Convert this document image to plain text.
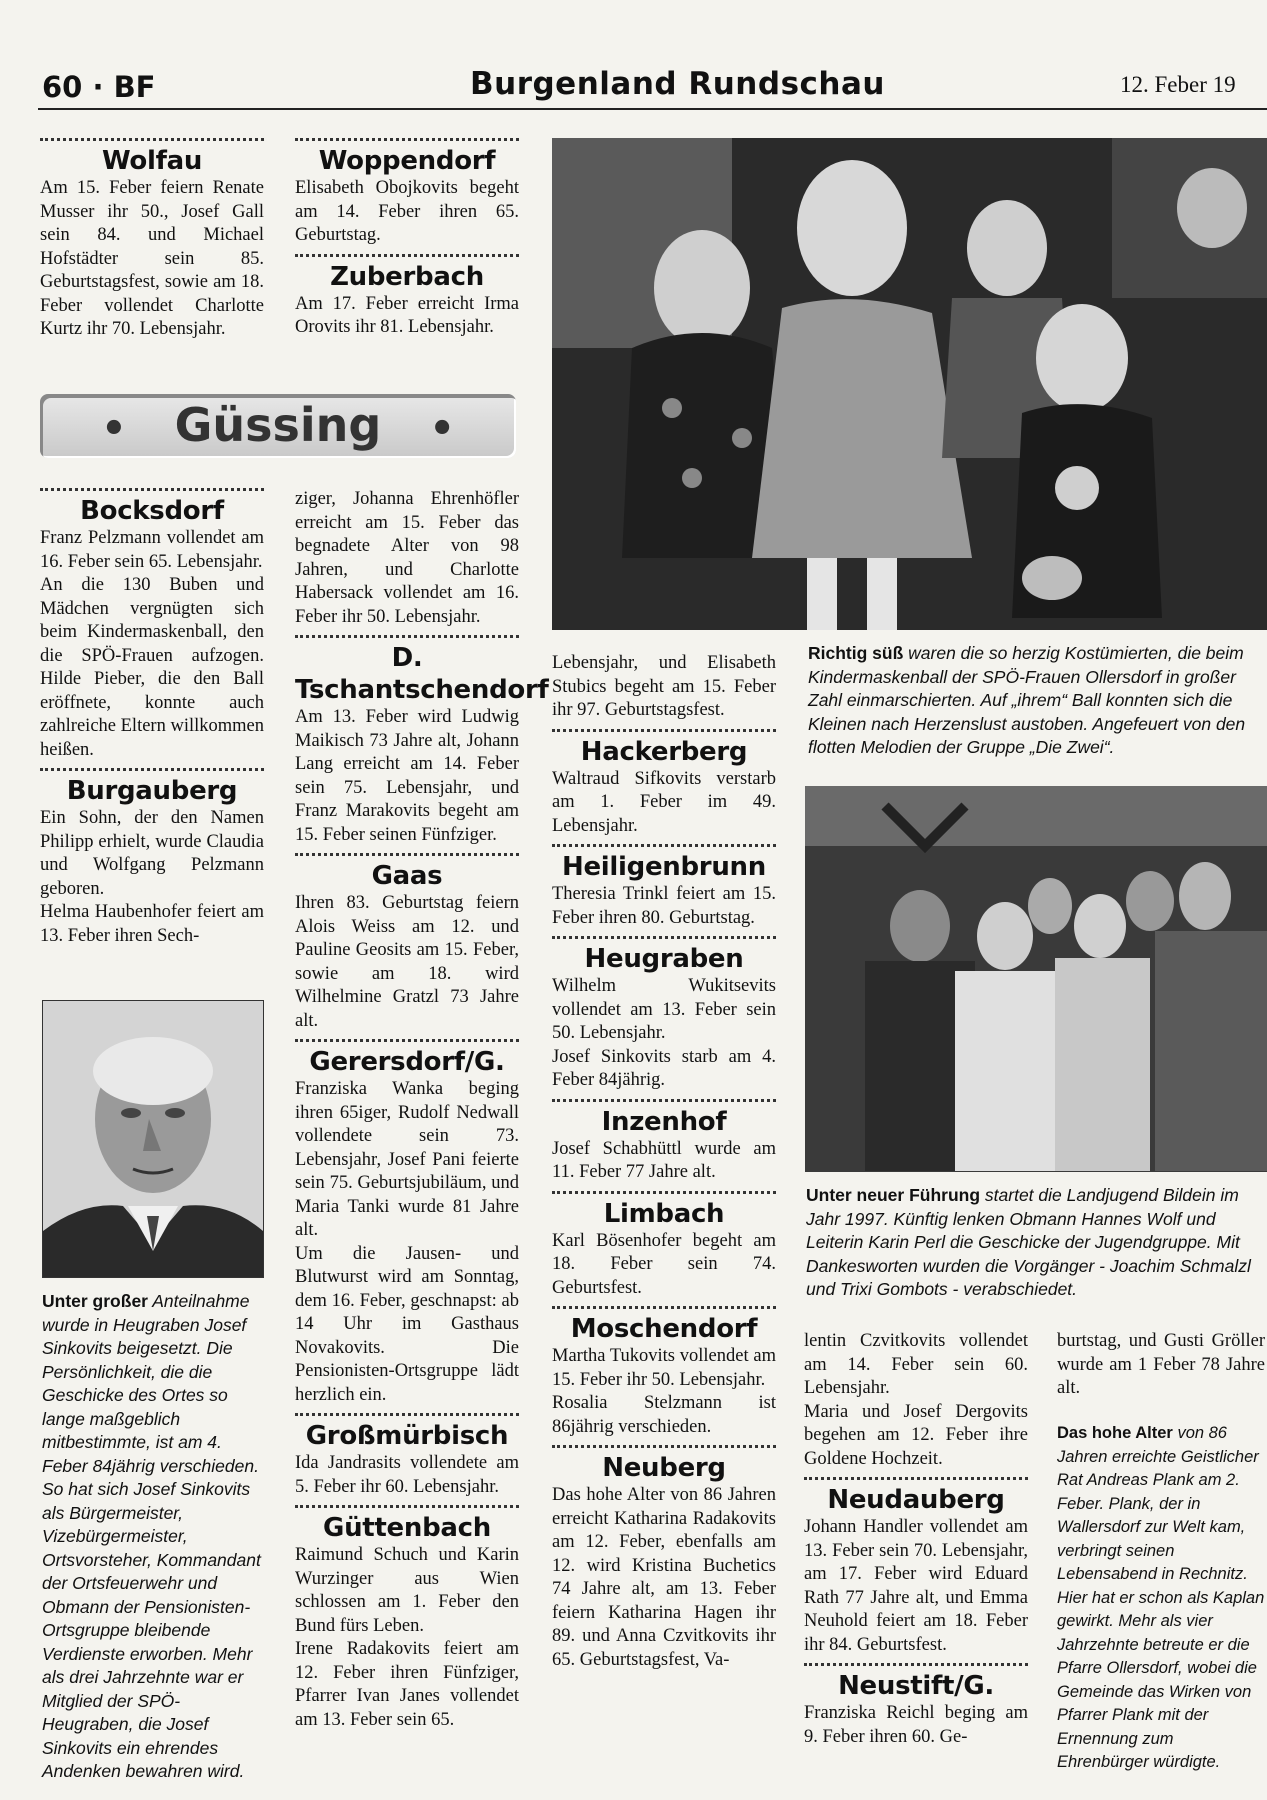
60 · BF	Burgenland Rundschau	12. Feber 19
Wolfau

Am 15. Feber feiern Renate Musser ihr 50., Josef Gall sein 84. und Michael Hofstädter sein 85. Geburtstagsfest, sowie am 18. Feber vollendet Charlotte Kurtz ihr 70. Lebensjahr.

Woppendorf

Elisabeth Obojkovits begeht am 14. Feber ihren 65. Geburtstag.

Zuberbach

Am 17. Feber erreicht Irma Orovits ihr 81. Lebensjahr.

• Güssing •
Bocksdorf

Franz Pelzmann vollendet am 16. Feber sein 65. Lebensjahr.

An die 130 Buben und Mädchen vergnügten sich beim Kindermaskenball, den die SPÖ-Frauen aufzogen. Hilde Pieber, die den Ball eröffnete, konnte auch zahlreiche Eltern willkommen heißen.

Burgauberg

Ein Sohn, der den Namen Philipp erhielt, wurde Claudia und Wolfgang Pelzmann geboren.

Helma Haubenhofer feiert am 13. Feber ihren Sech-

Unter großer Anteilnahme wurde in Heugraben Josef Sinkovits beigesetzt. Die Persönlichkeit, die die Geschicke des Ortes so lange maßgeblich mitbestimmte, ist am 4. Feber 84jährig verschieden. So hat sich Josef Sinkovits als Bürgermeister, Vizebürgermeister, Ortsvorsteher, Kommandant der Ortsfeuerwehr und Obmann der Pensionisten-Ortsgruppe bleibende Verdienste erworben. Mehr als drei Jahrzehnte war er Mitglied der SPÖ-Heugraben, die Josef Sinkovits ein ehrendes Andenken bewahren wird.

ziger, Johanna Ehrenhöfler erreicht am 15. Feber das begnadete Alter von 98 Jahren, und Charlotte Habersack vollendet am 16. Feber ihr 50. Lebensjahr.

D. Tschantschendorf

Am 13. Feber wird Ludwig Maikisch 73 Jahre alt, Johann Lang erreicht am 14. Feber sein 75. Lebensjahr, und Franz Marakovits begeht am 15. Feber seinen Fünfziger.

Gaas

Ihren 83. Geburtstag feiern Alois Weiss am 12. und Pauline Geosits am 15. Feber, sowie am 18. wird Wilhelmine Gratzl 73 Jahre alt.

Gerersdorf/G.

Franziska Wanka beging ihren 65iger, Rudolf Nedwall vollendete sein 73. Lebensjahr, Josef Pani feierte sein 75. Geburtsjubiläum, und Maria Tanki wurde 81 Jahre alt.

Um die Jausen- und Blutwurst wird am Sonntag, dem 16. Feber, geschnapst: ab 14 Uhr im Gasthaus Novakovits. Die Pensionisten-Ortsgruppe lädt herzlich ein.

Großmürbisch

Ida Jandrasits vollendete am 5. Feber ihr 60. Lebensjahr.

Güttenbach

Raimund Schuch und Karin Wurzinger aus Wien schlossen am 1. Feber den Bund fürs Leben.

Irene Radakovits feiert am 12. Feber ihren Fünfziger, Pfarrer Ivan Janes vollendet am 13. Feber sein 65.

Richtig süß waren die so herzig Kostümierten, die beim Kindermaskenball der SPÖ-Frauen Ollersdorf in großer Zahl einmarschierten. Auf „ihrem“ Ball konnten sich die Kleinen nach Herzenslust austoben. Angefeuert von den flotten Melodien der Gruppe „Die Zwei“.

Lebensjahr, und Elisabeth Stubics begeht am 15. Feber ihr 97. Geburtstagsfest.

Hackerberg

Waltraud Sifkovits verstarb am 1. Feber im 49. Lebensjahr.

Heiligenbrunn

Theresia Trinkl feiert am 15. Feber ihren 80. Geburtstag.

Heugraben

Wilhelm Wukitsevits vollendet am 13. Feber sein 50. Lebensjahr.

Josef Sinkovits starb am 4. Feber 84jährig.

Inzenhof

Josef Schabhüttl wurde am 11. Feber 77 Jahre alt.

Limbach

Karl Bösenhofer begeht am 18. Feber sein 74. Geburtsfest.

Moschendorf

Martha Tukovits vollendet am 15. Feber ihr 50. Lebensjahr.

Rosalia Stelzmann ist 86jährig verschieden.

Neuberg

Das hohe Alter von 86 Jahren erreicht Katharina Radakovits am 12. Feber, ebenfalls am 12. wird Kristina Buchetics 74 Jahre alt, am 13. Feber feiern Katharina Hagen ihr 89. und Anna Czvitkovits ihr 65. Geburtstagsfest, Va-

Unter neuer Führung startet die Landjugend Bildein im Jahr 1997. Künftig lenken Obmann Hannes Wolf und Leiterin Karin Perl die Geschicke der Jugendgruppe. Mit Dankesworten wurden die Vorgänger - Joachim Schmalzl und Trixi Gombots - verabschiedet.

lentin Czvitkovits vollendet am 14. Feber sein 60. Lebensjahr.

Maria und Josef Dergovits begehen am 12. Feber ihre Goldene Hochzeit.

Neudauberg

Johann Handler vollendet am 13. Feber sein 70. Lebensjahr, am 17. Feber wird Eduard Rath 77 Jahre alt, und Emma Neuhold feiert am 18. Feber ihr 84. Geburtsfest.

Neustift/G.

Franziska Reichl beging am 9. Feber ihren 60. Ge-

burtstag, und Gusti Gröller wurde am 1 Feber 78 Jahre alt.

Das hohe Alter von 86 Jahren erreichte Geistlicher Rat Andreas Plank am 2. Feber. Plank, der in Wallersdorf zur Welt kam, verbringt seinen Lebensabend in Rechnitz. Hier hat er schon als Kaplan gewirkt. Mehr als vier Jahrzehnte betreute er die Pfarre Ollersdorf, wobei die Gemeinde das Wirken von Pfarrer Plank mit der Ernennung zum Ehrenbürger würdigte.
